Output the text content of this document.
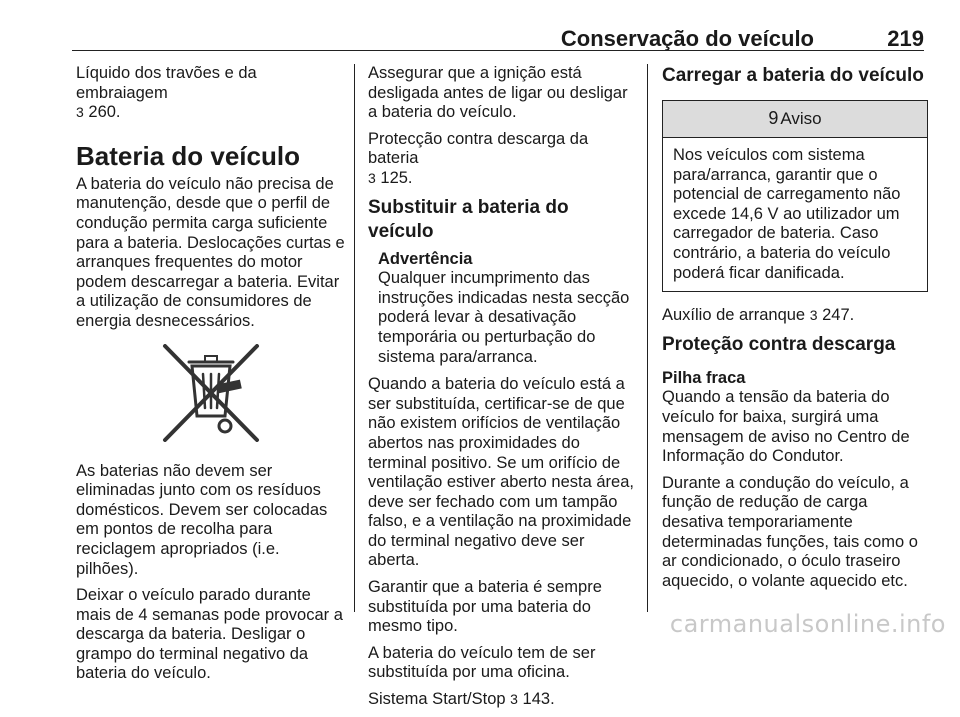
Conservação do veículo	219

Líquido dos travões e da embraiagem
3 260.

Bateria do veículo

A bateria do veículo não precisa de manutenção, desde que o perfil de condução permita carga suficiente para a bateria. Deslocações curtas e arranques frequentes do motor podem descarregar a bateria. Evitar a utilização de consumidores de energia desnecessários.

As baterias não devem ser eliminadas junto com os resíduos domésticos. Devem ser colocadas em pontos de recolha para reciclagem apropriados (i.e. pilhões).

Deixar o veículo parado durante mais de 4 semanas pode provocar a descarga da bateria. Desligar o grampo do terminal negativo da bateria do veículo.

Assegurar que a ignição está desligada antes de ligar ou desligar a bateria do veículo.

Protecção contra descarga da bateria
3 125.

Substituir a bateria do veículo
Advertência
Qualquer incumprimento das instruções indicadas nesta secção poderá levar à desativação temporária ou perturbação do sistema para/arranca.

Quando a bateria do veículo está a ser substituída, certificar-se de que não existem orifícios de ventilação abertos nas proximidades do terminal positivo. Se um orifício de ventilação estiver aberto nesta área, deve ser fechado com um tampão falso, e a ventilação na proximidade do terminal negativo deve ser aberta.

Garantir que a bateria é sempre substituída por uma bateria do mesmo tipo.

A bateria do veículo tem de ser substituída por uma oficina.

Sistema Start/Stop 3 143.

Carregar a bateria do veículo
9 Aviso
Nos veículos com sistema para/arranca, garantir que o potencial de carregamento não excede 14,6 V ao utilizador um carregador de bateria. Caso contrário, a bateria do veículo poderá ficar danificada.

Auxílio de arranque 3 247.

Proteção contra descarga
Pilha fraca

Quando a tensão da bateria do veículo for baixa, surgirá uma mensagem de aviso no Centro de Informação do Condutor.

Durante a condução do veículo, a função de redução de carga desativa temporariamente determinadas funções, tais como o ar condicionado, o óculo traseiro aquecido, o volante aquecido etc.

carmanualsonline.info
